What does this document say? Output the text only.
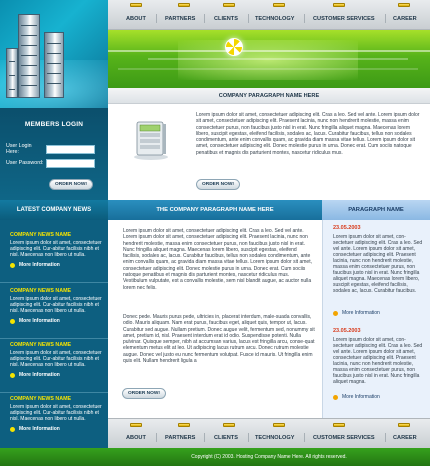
MEMBERS LOGIN
User Login Here:
User Password:
ORDER NOW!
LATEST COMPANY NEWS
COMPANY NEWS NAME
Lorem ipsum dolor sit amet, consectetuer adipiscing elit. Cur-abitur facilisis nibh et nisl. Maecenas non libero ut nulla.
More Information
COMPANY NEWS NAME
Lorem ipsum dolor sit amet, consectetuer adipiscing elit. Cur-abitur facilisis nibh et nisl. Maecenas non libero ut nulla.
More Information
COMPANY NEWS NAME
Lorem ipsum dolor sit amet, consectetuer adipiscing elit. Cur-abitur facilisis nibh et nisl. Maecenas non libero ut nulla.
More Information
COMPANY NEWS NAME
Lorem ipsum dolor sit amet, consectetuer adipiscing elit. Cur-abitur facilisis nibh et nisl. Maecenas non libero ut nulla.
More Information
ABOUT	PARTNERS	CLIENTS	TECHNOLOGY	CUSTOMER SERVICES	CAREER
COMPANY PARAGRAPH NAME HERE
Lorem ipsum dolor sit amet, consectetuer adipiscing elit. Cras a leo. Sed vel ante. Lorem ipsum dolor sit amet, consectetuer adipiscing elit. Praesent lacinia, nunc non hendrerit molestie, massa enim consectetuer purus, non faucibus justo nisl in erat. Nunc fringilla aliquet magna. Maecenas lorem libero, suscipit egestas, eleifend facilisis, sodales ac, lacus. Curabitur faucibus, tellus non sodales condimentum, ante enim convallis quam, ac gravida diam massa vitae tellus. Lorem ipsum dolor sit amet, consectetuer adipiscing elit. Donec molestie purus in urna. Donec erat. Cum sociis natoque penatibus et magnis dis parturient montes, nascetur ridiculus mus.
ORDER NOW!
THE COMPANY PARAGRAPH NAME HERE	PARAGRAPH NAME
Lorem ipsum dolor sit amet, consectetuer adipiscing elit. Cras a leo. Sed vel ante. Lorem ipsum dolor sit amet, consectetuer adipiscing elit. Praesent lacinia, nunc non hendrerit molestie, massa enim consectetuer purus, non faucibus justo nisl in erat. Nunc fringilla aliquet magna. Maecenas lorem libero, suscipit egestas, eleifend facilisis, sodales ac, lacus. Curabitur faucibus, tellus non sodales condimentum, ante enim convallis quam, ac gravida diam massa vitae tellus. Lorem ipsum dolor sit amet, consectetuer adipiscing elit. Donec molestie purus in urna. Donec erat. Cum sociis natoque penatibus et magnis dis parturient montes, nascetur ridiculus mus. Vestibulum vulputate, est a convallis molestie, sem nisl blandit augue, ac auctor nulla lorem nec felis.
Donec pede. Mauris purus pede, ultricies in, placerat interdum, male-suada convallis, odio. Mauris aliquam. Nam erat purus, faucibus eget, aliquet quis, tempor ut, lacus. Curabitur sed augue. Nullam pretium. Donec augue velit, fermentum sed, nonummy sit amet, pretium id, nisl. Praesent interdum erat id odio. Suspendisse potenti. Nulla pulvinar. Quisque semper, nibh at accumsan varius, lacus est fringilla arcu, conse-quat elementum metus elit at leo. Ut adipiscing lacus rutrum arcu. Donec rutrum molestie augue. Donec vel justo eu nunc fermentum volutpat. Fusce id mauris. Ut fringilla enim quis elit. Nullam hendrerit ligula a
ORDER NOW!
23.05.2003
Lorem ipsum dolor sit amet, con-sectetuer adipiscing elit. Cras a leo. Sed vel ante. Lorem ipsum dolor sit amet, consectetuer adipiscing elit. Praesent lacinia, nunc non hendrerit molestie, massa enim consectetuer purus, non faucibus justo nisl in erat. Nunc fringilla aliquet magna. Maecenas lorem libero, suscipit egestas, eleifend facilisis, sodales ac, lacus. Curabitur faucibus.
More Information
23.05.2003
Lorem ipsum dolor sit amet, con-sectetuer adipiscing elit. Cras a leo. Sed vel ante. Lorem ipsum dolor sit amet, consectetuer adipiscing elit. Praesent lacinia, nunc non hendrerit molestie, massa enim consectetuer purus, non faucibus justo nisl in erat. Nunc fringilla aliquet magna.
More Information
ABOUT	PARTNERS	CLIENTS	TECHNOLOGY	CUSTOMER SERVICES	CAREER
Copyright (C) 2003. Hosting Company Name Here. All rights reserved.
